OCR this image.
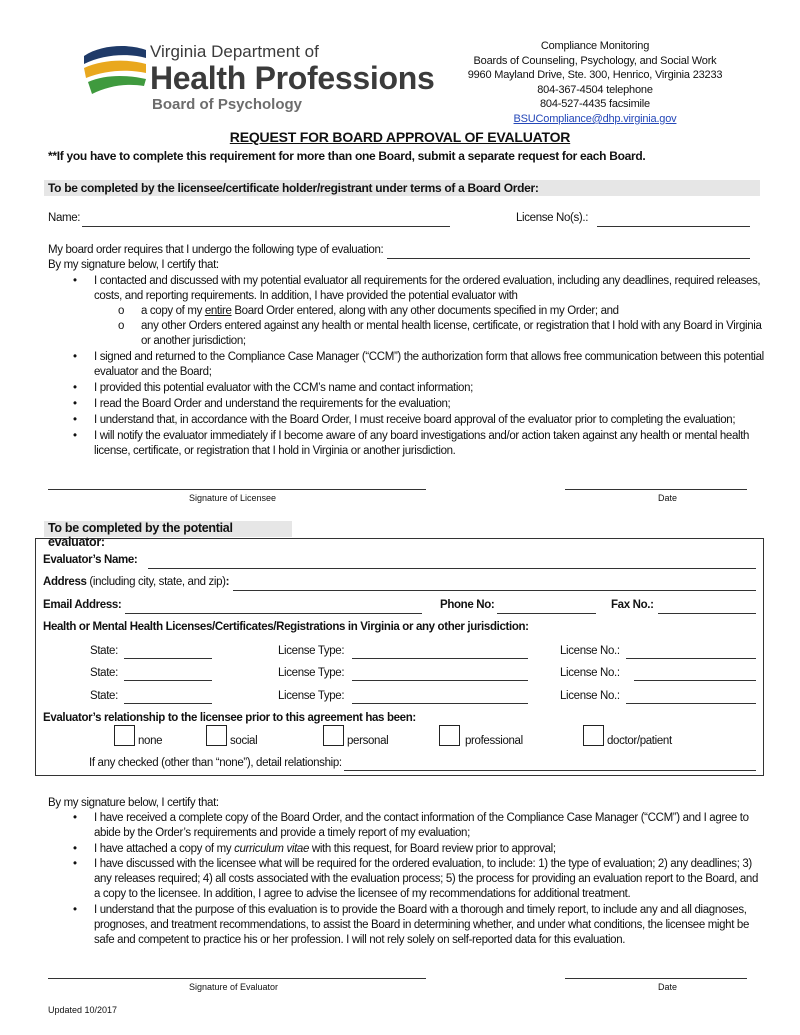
Virginia Department of
Health Professions
Board of Psychology
Compliance Monitoring
Boards of Counseling, Psychology, and Social Work
9960 Mayland Drive, Ste. 300, Henrico, Virginia 23233
804-367-4504 telephone
804-527-4435 facsimile
BSUCompliance@dhp.virginia.gov
REQUEST FOR BOARD APPROVAL OF EVALUATOR
**If you have to complete this requirement for more than one Board, submit a separate request for each Board.
To be completed by the licensee/certificate holder/registrant under terms of a Board Order:
Name:	License No(s).:
My board order requires that I undergo the following type of evaluation:
By my signature below, I certify that:
• I contacted and discussed with my potential evaluator all requirements for the ordered evaluation, including any deadlines, required releases,
costs, and reporting requirements. In addition, I have provided the potential evaluator with
o a copy of my entire Board Order entered, along with any other documents specified in my Order; and
o any other Orders entered against any health or mental health license, certificate, or registration that I hold with any Board in Virginia
or another jurisdiction;
• I signed and returned to the Compliance Case Manager (“CCM”) the authorization form that allows free communication between this potential
evaluator and the Board;
• I provided this potential evaluator with the CCM’s name and contact information;
• I read the Board Order and understand the requirements for the evaluation;
• I understand that, in accordance with the Board Order, I must receive board approval of the evaluator prior to completing the evaluation;
• I will notify the evaluator immediately if I become aware of any board investigations and/or action taken against any health or mental health
license, certificate, or registration that I hold in Virginia or another jurisdiction.
Signature of Licensee	Date
To be completed by the potential evaluator:
Evaluator’s Name:
Address (including city, state, and zip):
Email Address:	Phone No:	Fax No.:
Health or Mental Health Licenses/Certificates/Registrations in Virginia or any other jurisdiction:
State:	License Type:	License No.:
State:	License Type:	License No.:
State:	License Type:	License No.:
Evaluator’s relationship to the licensee prior to this agreement has been:
none	social	personal	professional	doctor/patient
If any checked (other than “none”), detail relationship:
By my signature below, I certify that:
• I have received a complete copy of the Board Order, and the contact information of the Compliance Case Manager (“CCM”) and I agree to
abide by the Order’s requirements and provide a timely report of my evaluation;
• I have attached a copy of my curriculum vitae with this request, for Board review prior to approval;
• I have discussed with the licensee what will be required for the ordered evaluation, to include: 1) the type of evaluation; 2) any deadlines; 3)
any releases required; 4) all costs associated with the evaluation process; 5) the process for providing an evaluation report to the Board, and
a copy to the licensee. In addition, I agree to advise the licensee of my recommendations for additional treatment.
• I understand that the purpose of this evaluation is to provide the Board with a thorough and timely report, to include any and all diagnoses,
prognoses, and treatment recommendations, to assist the Board in determining whether, and under what conditions, the licensee might be
safe and competent to practice his or her profession. I will not rely solely on self-reported data for this evaluation.
Signature of Evaluator	Date
Updated 10/2017
